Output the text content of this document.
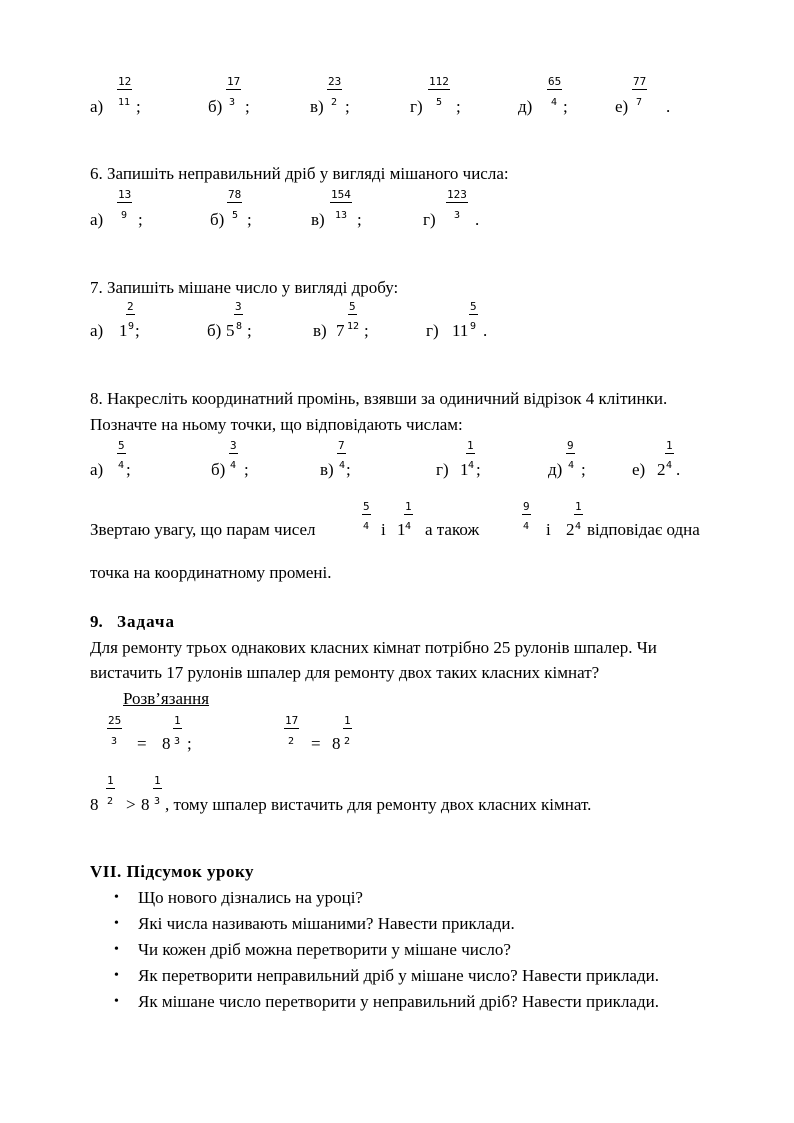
а)
12
11 ;	б)
17
3 ;	в)
23
2 ;	г)
112
5 ;	д)
65
4 ;	е)
77
7 .
6. Запишіть неправильний дріб у вигляді мішаного числа:
а)
13
9 ;	б)
78
5 ;	в)
154
13 ;	г)
123
3 .
7. Запишіть мішане число у вигляді дробу:
а) 1
2
9 ;	б) 5
3
8 ;	в) 7
5
12 ;	г) 11
5
9 .
8. Накресліть координатний промінь, взявши за одиничний відрізок 4 клітинки.
Позначте на ньому точки, що відповідають числам:
а)
5
4 ;	б)
3
4 ;	в)
7
4 ;	г) 1
1
4 ;	д)
9
4 ;	е) 2
1
4 .
Звертаю увагу, що парам чисел
5
4 і 1
1
4 а також
9
4 і 2
1
4 відповідає одна
точка на координатному промені.
9. Задача
Для ремонту трьох однакових класних кімнат потрібно 25 рулонів шпалер. Чи
вистачить 17 рулонів шпалер для ремонту двох таких класних кімнат?
Розв’язання
25
3 = 8
1
3 ;
17
2 = 8
1
2
8
1
2 > 8
1
3 , тому шпалер вистачить для ремонту двох класних кімнат.
VII. Підсумок уроку
• Що нового дізнались на уроці?
• Які числа називають мішаними? Навести приклади.
• Чи кожен дріб можна перетворити у мішане число?
• Як перетворити неправильний дріб у мішане число? Навести приклади.
• Як мішане число перетворити у неправильний дріб? Навести приклади.
